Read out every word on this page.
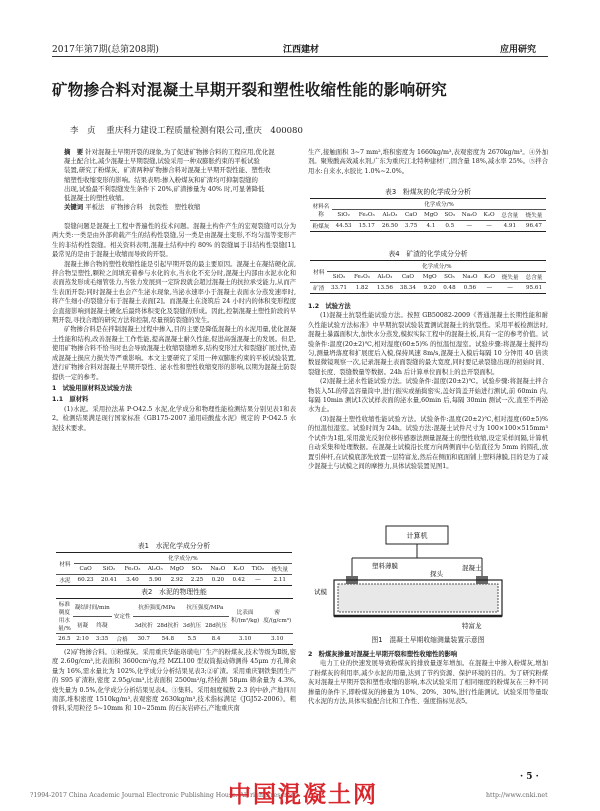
2017年第7期(总第208期)	江西建材	应用研究
矿物掺合料对混凝土早期开裂和塑性收缩性能的影响研究
李　贞 重庆科力建设工程质量检测有限公司,重庆　400080
摘　要 针对混凝土早期开裂的现象,为了促进矿物掺合料的工程应用,优化混
凝土配合比,减少混凝土早期裂缝,试验采用一种双膨胀约束的平板试验
装置,研究了粉煤灰、矿渣两种矿物掺合料对混凝土早期开裂性能、塑性收
缩塑性收缩变形的影响。结果表明:掺入粉煤灰和矿渣均可抑制裂缝的
出现,试验最不利裂缝发生条件下 20%,矿渣掺量为 40% 时,可显著降低
低混凝土的塑性收缩。
关键词 平板法　矿物掺合料　抗裂性　塑性收缩

裂缝问题是混凝土工程中普遍性的技术问题。混凝土构件产生的宏观裂缝可以分为两大类:一类是由外部荷载产生的结构性裂缝,另一类是由混凝土变形,不均匀温等变形产生的非结构性裂缝。相关资料表明,混凝土结构中约 80% 的裂缝属于非结构性裂缝[1],最常见的是由于混凝土收缩而导致的开裂。

混凝土掺合物的塑性收缩性能是引起早期开裂的最主要原因。混凝土在凝结硬化前,拌合物呈塑性,颗粒之间填充着参与水化的水,当水化不充分时,混凝土内部由水泥水化和表面蒸发形成毛细管张力,当张力发展到一定阶段就会超过混凝土的抗拉承受能力,从而产生表面开裂;同时混凝土也会产生泌水现象,当泌水速率小于混凝土表面水分蒸发速率时,将产生细小的裂缝分布于混凝土表面[2]。而混凝土在浇筑后 24 小时内的体积变形程度会直接影响到混凝土硬化后最终体积变化及裂缝的形成。因此,控制混凝土塑性阶段的早期开裂,寻找合理的研究方法和控制,尽量预防裂缝的发生。

矿物掺合料是在拌制混凝土过程中掺入,目的主要是降低混凝土的水泥用量,优化混凝土性能和结构,改善混凝土工作性能,提高混凝土耐久性能,促进高强混凝土的发展。但是,使用矿物掺合料不恰当时也会导致混凝土收缩裂缝增多,结构变形过大和裂缝扩展过快,造成混凝土损应力损失等严重影响。本文主要研究了采用一种双膨胀约束的平板试验装置,进行矿物掺合料对混凝土早期开裂性、泌水性和塑性收缩变形的影响,以期为混凝土防裂提供一定的参考。

1　试验用原材料及试验方法

1.1　原材料

(1)水泥。采用拉法基 P·O42.5 水泥,化学成分和物理性能检测结果分别见表1和表2。检测结果满足现行国家标准《GB175-2007 通用硅酸盐水泥》规定的 P·O42.5 水泥技术要求。

表1　水泥化学成分分析
材料	化学成分/%									
	CaO	SiO₂	Fe₂O₃	Al₂O₃	MgO	SO₃	Na₂O	K₂O	TiO₂	烧失量
水泥	60.23	20.41	3.40	5.90	2.92	2.25	0.20	0.42	—	2.11
表2　水泥的物理性能
标准稠度用水量/%	凝结时间/min		安定性	抗折强度/MPa		抗压强度/MPa		比表面积/(m²/kg)	密度/(g/cm³)
	初凝	终凝		3d抗折	28d抗折	3d抗压	28d抗压		
26.5	2:10	3:35	合格	30.7	54.8	5.5	8.4	3.10	3.10

(2)矿物掺合料。①粉煤灰。采用重庆华能珞璜电厂生产的粉煤灰,技术等级为Ⅱ级,密度 2.60g/cm³,比表面积 3600cm²/g,经 MZL100 型双筒振动筛测得 45μm 方孔筛余量为 16%,需水量比为 102%,化学成分分析结果见表3;②矿渣。采用重庆钢铁集团生产的 S95 矿渣粉,密度 2.95g/cm³,比表面积 2500m²/g,经检测 58μm 筛余量为 4.3%,烧失量为 0.5%,化学成分分析结果见表4。③集料。采用细度模数 2.3 的中砂,产地四川南部,堆积密度 1510kg/m³,表观密度 2630kg/m³,技术指标满足《JGJ52-2006》。粗骨料,采用粒径 5~10mm 和 10~25mm 的石灰岩碎石,产地重庆南

生产,接触面积 3~7 mm²,堆积密度为 1660kg/m³,表观密度为 2670kg/m³。④外加剂。聚羧酸高效减水剂,广东为重庆江北特种建材厂,固含量 18%,减水率 25%。⑤拌合用水:自来水,水胶比 1.0%~2.0%。

表3　粉煤灰的化学成分分析
材料名称	化学成分/%									
	SiO₂	Fe₂O₃	Al₂O₃	CaO	MgO	SO₃	Na₂O	K₂O	总含量	烧失量
粉煤灰	44.53	15.17	26.50	3.75	4.1	0.5	—	—	4.91	96.47
表4　矿渣的化学成分分析
材料	化学成分/%									
	SiO₂	Fe₂O₃	Al₂O₃	CaO	MgO	SO₃	Na₂O	K₂O	烧失量	总含量
矿渣	33.71	1.82	13.56	38.34	9.20	0.48	0.56	—	—	95.61

1.2　试验方法

(1)混凝土抗裂性能试验方法。按照 GB50082-2009《普通混凝土长期性能和耐久性能试验方法标准》中早期抗裂试验装置测试混凝土的抗裂性。采用平板检测法时,混凝土暴露面积大,加快水分蒸发,模拟实际工程中的混凝土板,具有一定的参考价值。试验条件:温度(20±2)℃,相对湿度(60±5)% 的恒温恒湿室。试验步骤:将混凝土搅拌均匀,测量坍落度和扩展度后入模,保持风速 8m/s,混凝土入模后每隔 10 分钟用 40 倍读数显微镜观察一次,记录混凝土表面裂缝的最大宽度,同时要记录裂缝出现的初始时间、裂缝长度、裂缝数量等数据。24h 后计算单位面积上的总开裂面积。

(2)混凝土泌水性能试验方法。试验条件:温度(20±2)℃。试验步骤:将混凝土拌合物装入5L的带盖容量筒中,进行振实或插捣密实,盖好筒盖开始进行测试,前 60min 内,每隔 10min 测试1次试样表面的泌水量,60min 后,每隔 30min 测试一次,直至不再泌水为止。

(3)混凝土塑性收缩性能试验方法。试验条件:温度(20±2)℃,相对湿度(60±5)% 的恒温恒湿室。试验时间为 24h。试验方法:混凝土试件尺寸为 100×100×515mm³ 个试件为1组,采用激光反射位移传感器法测量混凝土的塑性收缩,设定采样间隔,计算机自动采集和处理数据。在混凝土试模沿长度方向两侧面中心钻直径为 5mm 的圆孔,放置引伸杆,在试模底部先放置一层特富龙,然后在侧面和底面铺上塑料薄膜,目的是为了减少混凝土与试模之间的摩擦力,具体试验装置见图1。

计算机
塑料薄膜
探头
混凝土
试模
特富龙
图1　混凝土早期收缩测量装置示意图

2　粉煤灰掺量对混凝土早期开裂和塑性收缩性的影响

电力工业的快速发展导致粉煤灰的排放量逐年增加。在混凝土中掺入粉煤灰,增加了粉煤灰的利用率,减少水泥的用量,达到了节约资源、保护环境的目的。为了研究粉煤灰对混凝土早期开裂和塑性收缩的影响,本次试验采用了相同细度的粉煤灰在三种不同掺量的条件下,即粉煤灰的掺量为 10%、20%、30%,进行性能测试。试验采用等量取代水泥的方法,具体实验配合比和工作性、强度指标见表5。

· 5 ·
?1994-2017 China Academic Journal Electronic Publishing House. All rights reserved.	http://www.cnki.net
中国混凝土网
